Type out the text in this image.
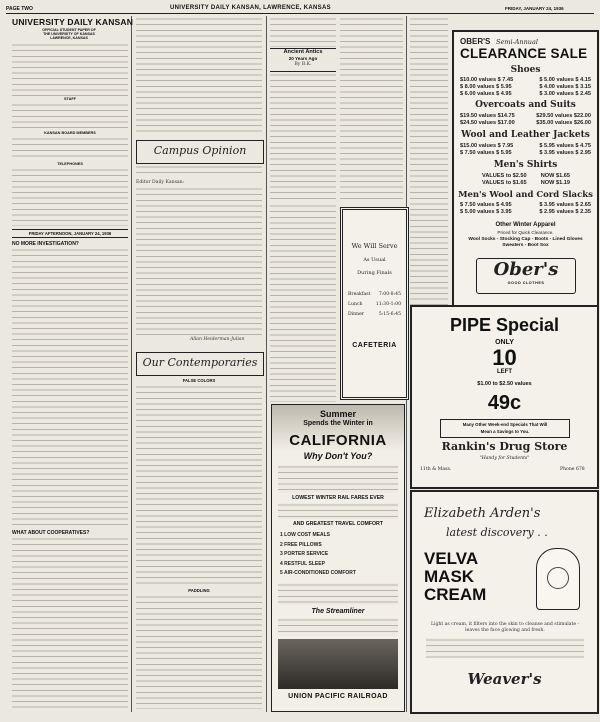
PAGE TWO	UNIVERSITY DAILY KANSAN, LAWRENCE, KANSAS	FRIDAY, JANUARY 24, 1936
UNIVERSITY DAILY KANSAN
OFFICIAL STUDENT PAPER OF
THE UNIVERSITY OF KANSAS
LAWRENCE, KANSAS
STAFF
KANSAN BOARD MEMBERS
TELEPHONES
FRIDAY AFTERNOON, JANUARY 24, 1936
NO MORE INVESTIGATION?
WHAT ABOUT COOPERATIVES?
Campus Opinion
Editor Daily Kansan:
Allan Heiderman-Julian
Our Contemporaries
FALSE COLORS
PADDLING
Ancient Antics
20 Years Ago
By B.K.
We Will Serve
As Usual
During Finals
Breakfast 7:00-8:45
Lunch	11:30-1:00
Dinner	5:15-6:45
CAFETERIA
Summer
Spends the Winter in
CALIFORNIA
Why Don't You?
LOWEST WINTER RAIL FARES EVER
AND GREATEST TRAVEL COMFORT
1 LOW COST MEALS
2 FREE PILLOWS
3 PORTER SERVICE
4 RESTFUL SLEEP
5 AIR-CONDITIONED COMFORT
The Streamliner
UNION PACIFIC RAILROAD
OBER'S Semi-Annual
CLEARANCE SALE
Shoes
$10.00 values $ 7.45	$ 5.00 values $ 4.15
$ 8.00 values $ 5.95	$ 4.00 values $ 3.15
$ 6.00 values $ 4.95	$ 3.00 values $ 2.45
Overcoats and Suits
$19.50 values $14.75	$29.50 values $22.00
$24.50 values $17.00	$35.00 values $26.00
Wool and Leather Jackets
$15.00 values $ 7.95	$ 5.95 values $ 4.75
$ 7.50 values $ 5.95	$ 3.95 values $ 2.95
Men's Shirts
VALUES to $2.50	NOW $1.65
VALUES to $1.65	NOW $1.19
Men's Wool and Cord Slacks
$ 7.50 values $ 4.95	$ 3.95 values $ 2.65
$ 5.00 values $ 3.95	$ 2.95 values $ 2.35
Other Winter Apparel
Priced for Quick Clearance.
Wool Socks - Stocking Cap - Boots - Lined Gloves
Sweaters - Boot Sox
Ober's
GOOD CLOTHES
PIPE Special
ONLY
10
LEFT
$1.00 to $2.50 values
49c
Many Other Week-end Specials That Will
Mean a Savings to You.
Rankin's Drug Store
"Handy for Students"
11th & Mass.	Phone 678
Elizabeth Arden's
latest discovery . .
VELVA
MASK
CREAM
Light as cream, it filters into the skin to cleanse and stimulate - leaves the face glowing and fresh.
Weaver's
